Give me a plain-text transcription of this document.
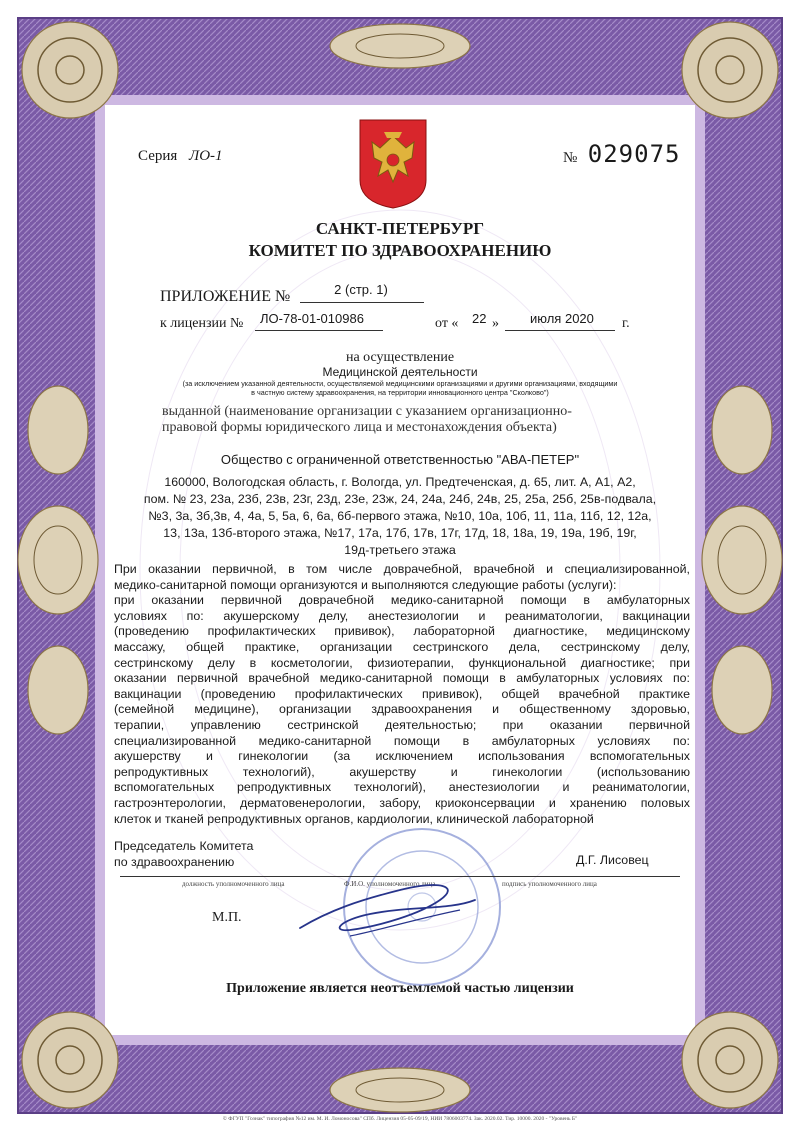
Серия ЛО-1	№ 029075
САНКТ-ПЕТЕРБУРГ
КОМИТЕТ ПО ЗДРАВООХРАНЕНИЮ
ПРИЛОЖЕНИЕ №	2 (стр. 1)
к лицензии № ЛО-78-01-010986	от « 22 » июля 2020 г.
на осуществление
Медицинской деятельности
(за исключением указанной деятельности, осуществляемой медицинскими организациями и другими организациями, входящими
в частную систему здравоохранения, на территории инновационного центра "Сколково")
выданной (наименование организации с указанием организационно-
правовой формы юридического лица и местонахождения объекта)
Общество с ограниченной ответственностью "АВА-ПЕТЕР"
160000, Вологодская область, г. Вологда, ул. Предтеченская, д. 65, лит. А, А1, А2,
пом. № 23, 23а, 23б, 23в, 23г, 23д, 23е, 23ж, 24, 24а, 24б, 24в, 25, 25а, 25б, 25в-подвала,
№3, 3а, 3б,3в, 4, 4а, 5, 5а, 6, 6а, 6б-первого этажа, №10, 10а, 10б, 11, 11а, 11б, 12, 12а,
13, 13а, 13б-второго этажа, №17, 17а, 17б, 17в, 17г, 17д, 18, 18а, 19, 19а, 19б, 19г,
19д-третьего этажа

При оказании первичной, в том числе доврачебной, врачебной и специализированной,

медико-санитарной помощи организуются и выполняются следующие работы (услуги):

при оказании первичной доврачебной медико-санитарной помощи в амбулаторных

условиях по: акушерскому делу, анестезиологии и реаниматологии, вакцинации

(проведению профилактических прививок), лабораторной диагностике, медицинскому

массажу, общей практике, организации сестринского дела, сестринскому делу,

сестринскому делу в косметологии, физиотерапии, функциональной диагностике; при

оказании первичной врачебной медико-санитарной помощи в амбулаторных условиях по:

вакцинации (проведению профилактических прививок), общей врачебной практике

(семейной медицине), организации здравоохранения и общественному здоровью,

терапии, управлению сестринской деятельностью; при оказании первичной

специализированной медико-санитарной помощи в амбулаторных условиях по:

акушерству и гинекологии (за исключением использования вспомогательных

репродуктивных технологий), акушерству и гинекологии (использованию

вспомогательных репродуктивных технологий), анестезиологии и реаниматологии,

гастроэнтерологии, дерматовенерологии, забору, криоконсервации и хранению половых

клеток и тканей репродуктивных органов, кардиологии, клинической лабораторной

Председатель Комитета
по здравоохранению	Д.Г. Лисовец
должность уполномоченного лица	Ф.И.О. уполномоченного лица	подпись уполномоченного лица
М.П.
Приложение является неотъемлемой частью лицензии
© ФГУП "Гознак" типография №12 им. М. И. Ломоносова" СПб. Лицензия 05-05-09/19, НИИ 7806003774. Зак. 2020.02. Тир. 10000. 2020 - "Уровень Б"
